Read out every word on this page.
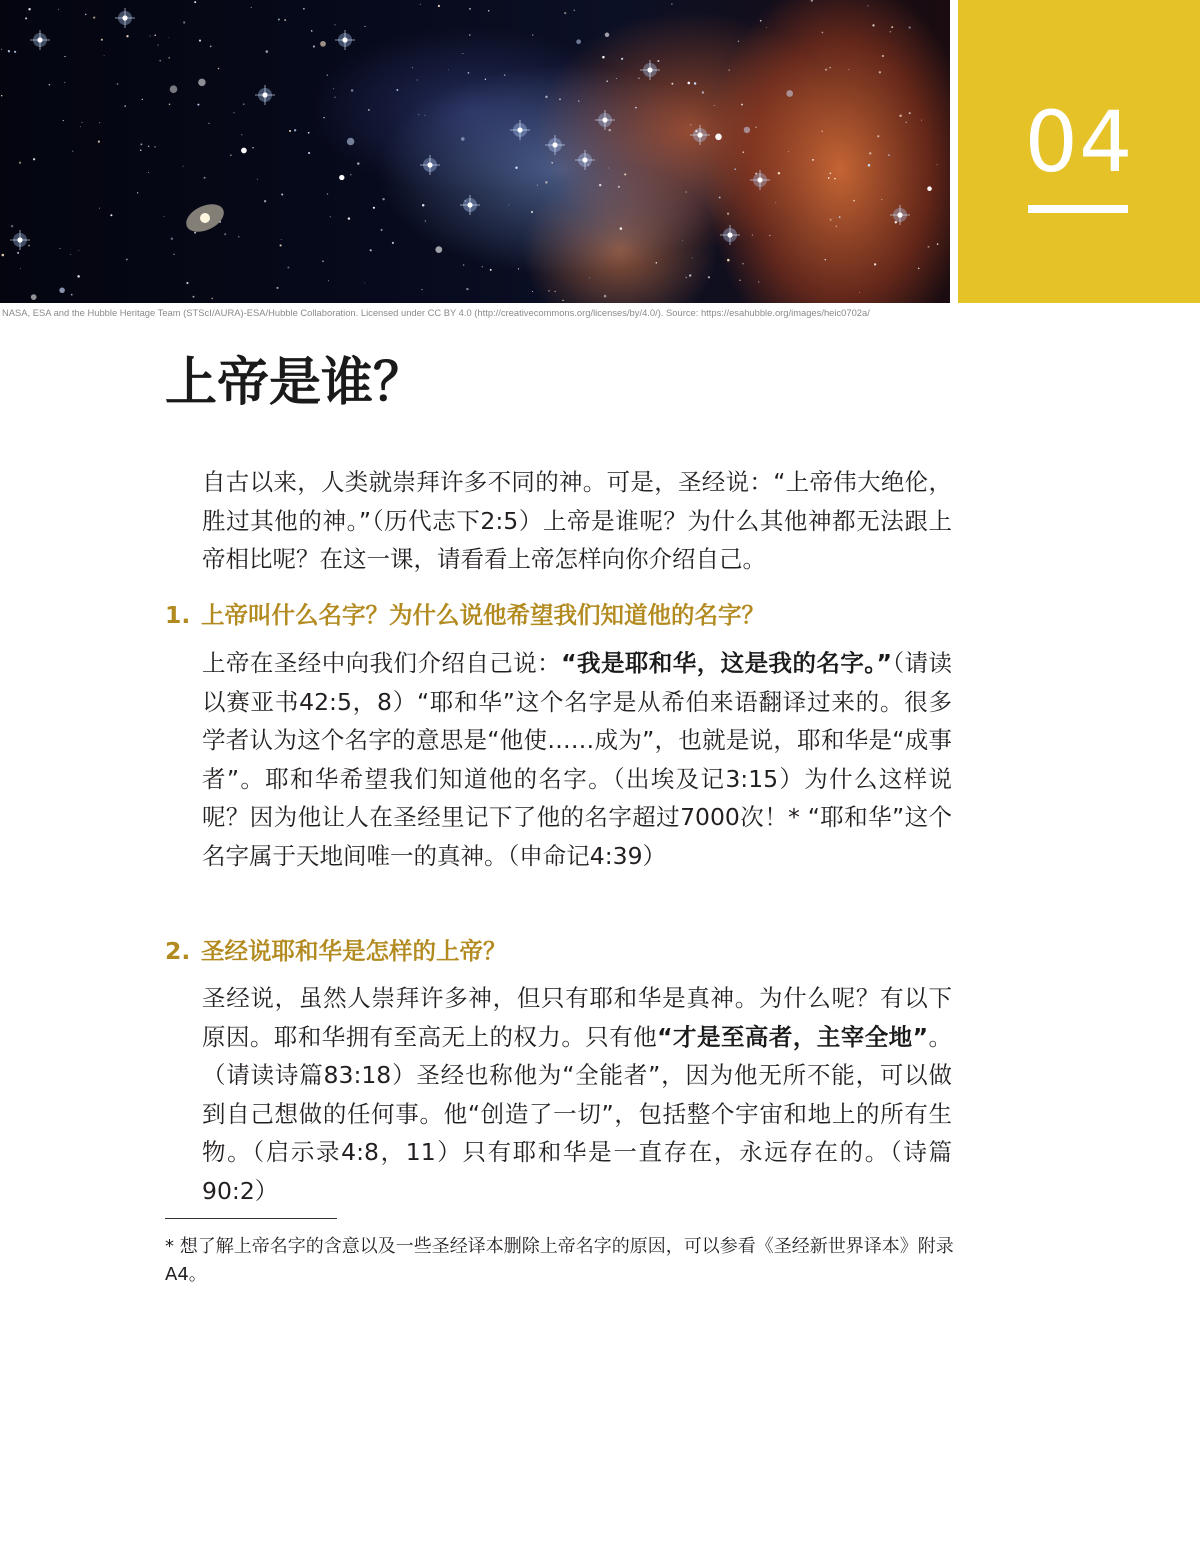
04
NASA, ESA and the Hubble Heritage Team (STScI/AURA)-ESA/Hubble Collaboration. Licensed under CC BY 4.0 (http://creativecommons.org/licenses/by/4.0/). Source: https://esahubble.org/images/heic0702a/
上帝是谁？

自古以来，人类就崇拜许多不同的神。可是，圣经说：“上帝伟大绝伦，胜过其他的神。”（历代志下2:5）上帝是谁呢？为什么其他神都无法跟上帝相比呢？在这一课，请看看上帝怎样向你介绍自己。

1. 上帝叫什么名字？为什么说他希望我们知道他的名字？

上帝在圣经中向我们介绍自己说：“我是耶和华，这是我的名字。”（请读以赛亚书42:5，8）“耶和华”这个名字是从希伯来语翻译过来的。很多学者认为这个名字的意思是“他使……成为”，也就是说，耶和华是“成事者”。耶和华希望我们知道他的名字。（出埃及记3:15）为什么这样说呢？因为他让人在圣经里记下了他的名字超过7000次！* “耶和华”这个名字属于天地间唯一的真神。（申命记4:39）

2. 圣经说耶和华是怎样的上帝？

圣经说，虽然人崇拜许多神，但只有耶和华是真神。为什么呢？有以下原因。耶和华拥有至高无上的权力。只有他“才是至高者，主宰全地”。（请读诗篇83:18）圣经也称他为“全能者”，因为他无所不能，可以做到自己想做的任何事。他“创造了一切”，包括整个宇宙和地上的所有生物。（启示录4:8，11）只有耶和华是一直存在，永远存在的。（诗篇90:2）

* 想了解上帝名字的含意以及一些圣经译本删除上帝名字的原因，可以参看《圣经新世界译本》附录A4。
